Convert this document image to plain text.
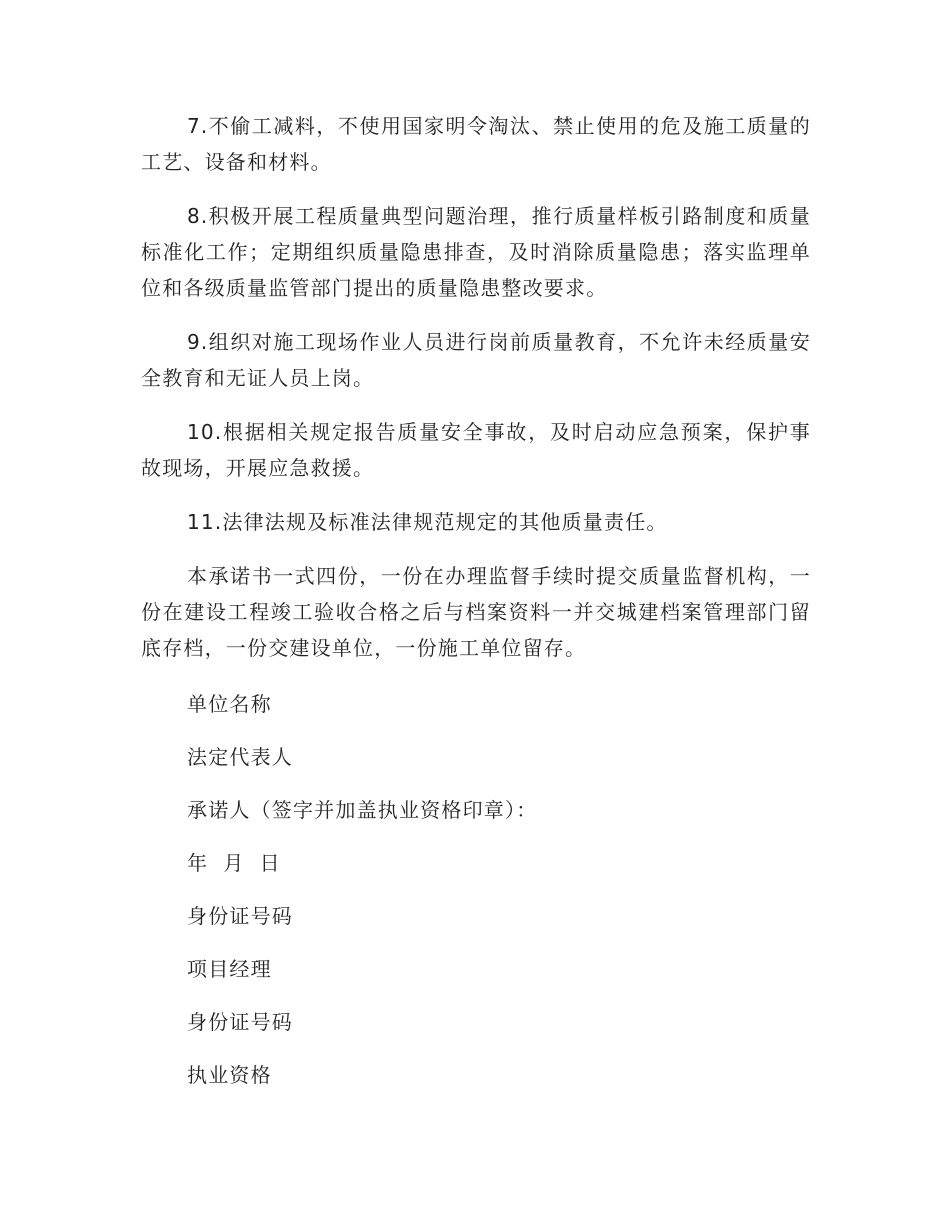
7.不偷工减料，不使用国家明令淘汰、禁止使用的危及施工质量的工艺、设备和材料。

8.积极开展工程质量典型问题治理，推行质量样板引路制度和质量标准化工作；定期组织质量隐患排查，及时消除质量隐患；落实监理单位和各级质量监管部门提出的质量隐患整改要求。

9.组织对施工现场作业人员进行岗前质量教育，不允许未经质量安全教育和无证人员上岗。

10.根据相关规定报告质量安全事故，及时启动应急预案，保护事故现场，开展应急救援。

11.法律法规及标准法律规范规定的其他质量责任。

本承诺书一式四份，一份在办理监督手续时提交质量监督机构，一份在建设工程竣工验收合格之后与档案资料一并交城建档案管理部门留底存档，一份交建设单位，一份施工单位留存。

单位名称

法定代表人

承诺人（签字并加盖执业资格印章）：

年  月  日

身份证号码

项目经理

身份证号码

执业资格
